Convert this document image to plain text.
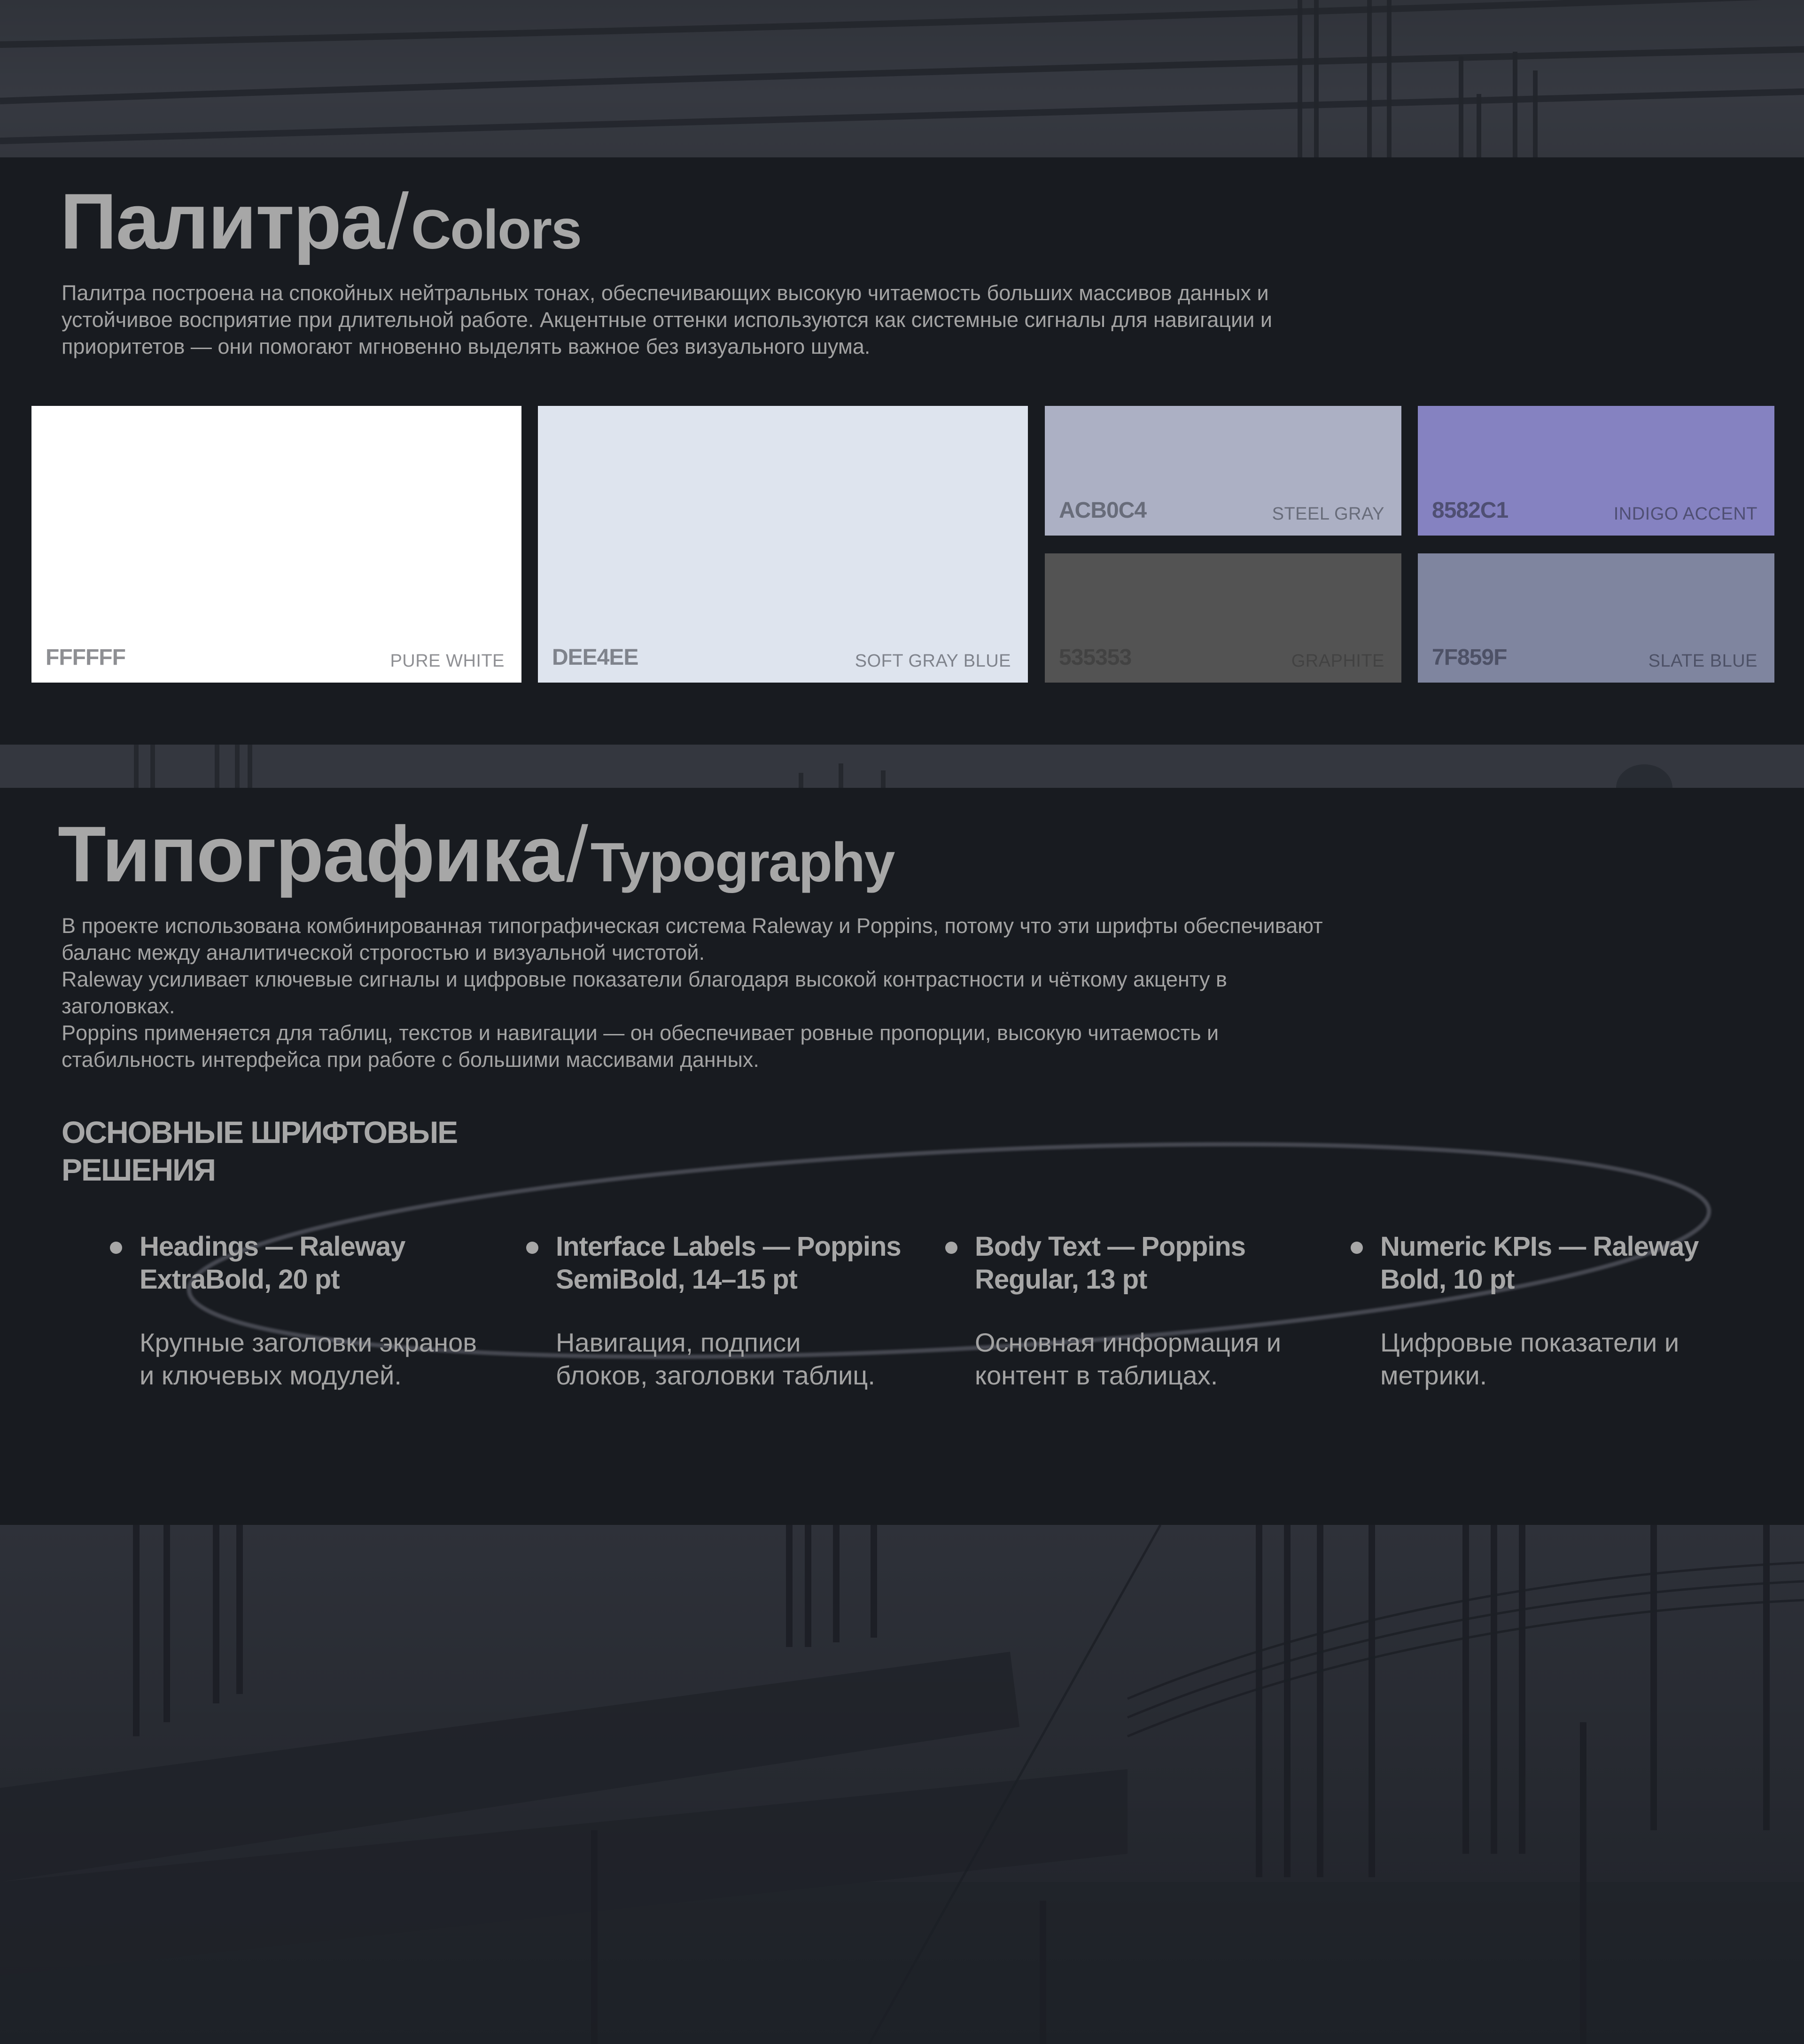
Палитра / Colors

Палитра построена на спокойных нейтральных тонах, обеспечивающих высокую читаемость больших массивов данных и
устойчивое восприятие при длительной работе. Акцентные оттенки используются как системные сигналы для навигации и
приоритетов — они помогают мгновенно выделять важное без визуального шума.

FFFFFF	PURE WHITE DEE4EE	SOFT GRAY BLUE
ACB0C4	STEEL GRAY 8582C1	INDIGO ACCENT
535353	GRAPHITE 7F859F	SLATE BLUE
Типографика / Typography

В проекте использована комбинированная типографическая система Raleway и Poppins, потому что эти шрифты обеспечивают
баланс между аналитической строгостью и визуальной чистотой.
Raleway усиливает ключевые сигналы и цифровые показатели благодаря высокой контрастности и чёткому акценту в
заголовках.
Poppins применяется для таблиц, текстов и навигации — он обеспечивает ровные пропорции, высокую читаемость и
стабильность интерфейса при работе с большими массивами данных.

ОСНОВНЫЕ ШРИФТОВЫЕ
РЕШЕНИЯ

Headings — Raleway
ExtraBold, 20 pt

Крупные заголовки экранов
и ключевых модулей.

Interface Labels — Poppins
SemiBold, 14–15 pt

Навигация, подписи
блоков, заголовки таблиц.

Body Text — Poppins
Regular, 13 pt

Основная информация и
контент в таблицах.

Numeric KPIs — Raleway
Bold, 10 pt

Цифровые показатели и
метрики.
